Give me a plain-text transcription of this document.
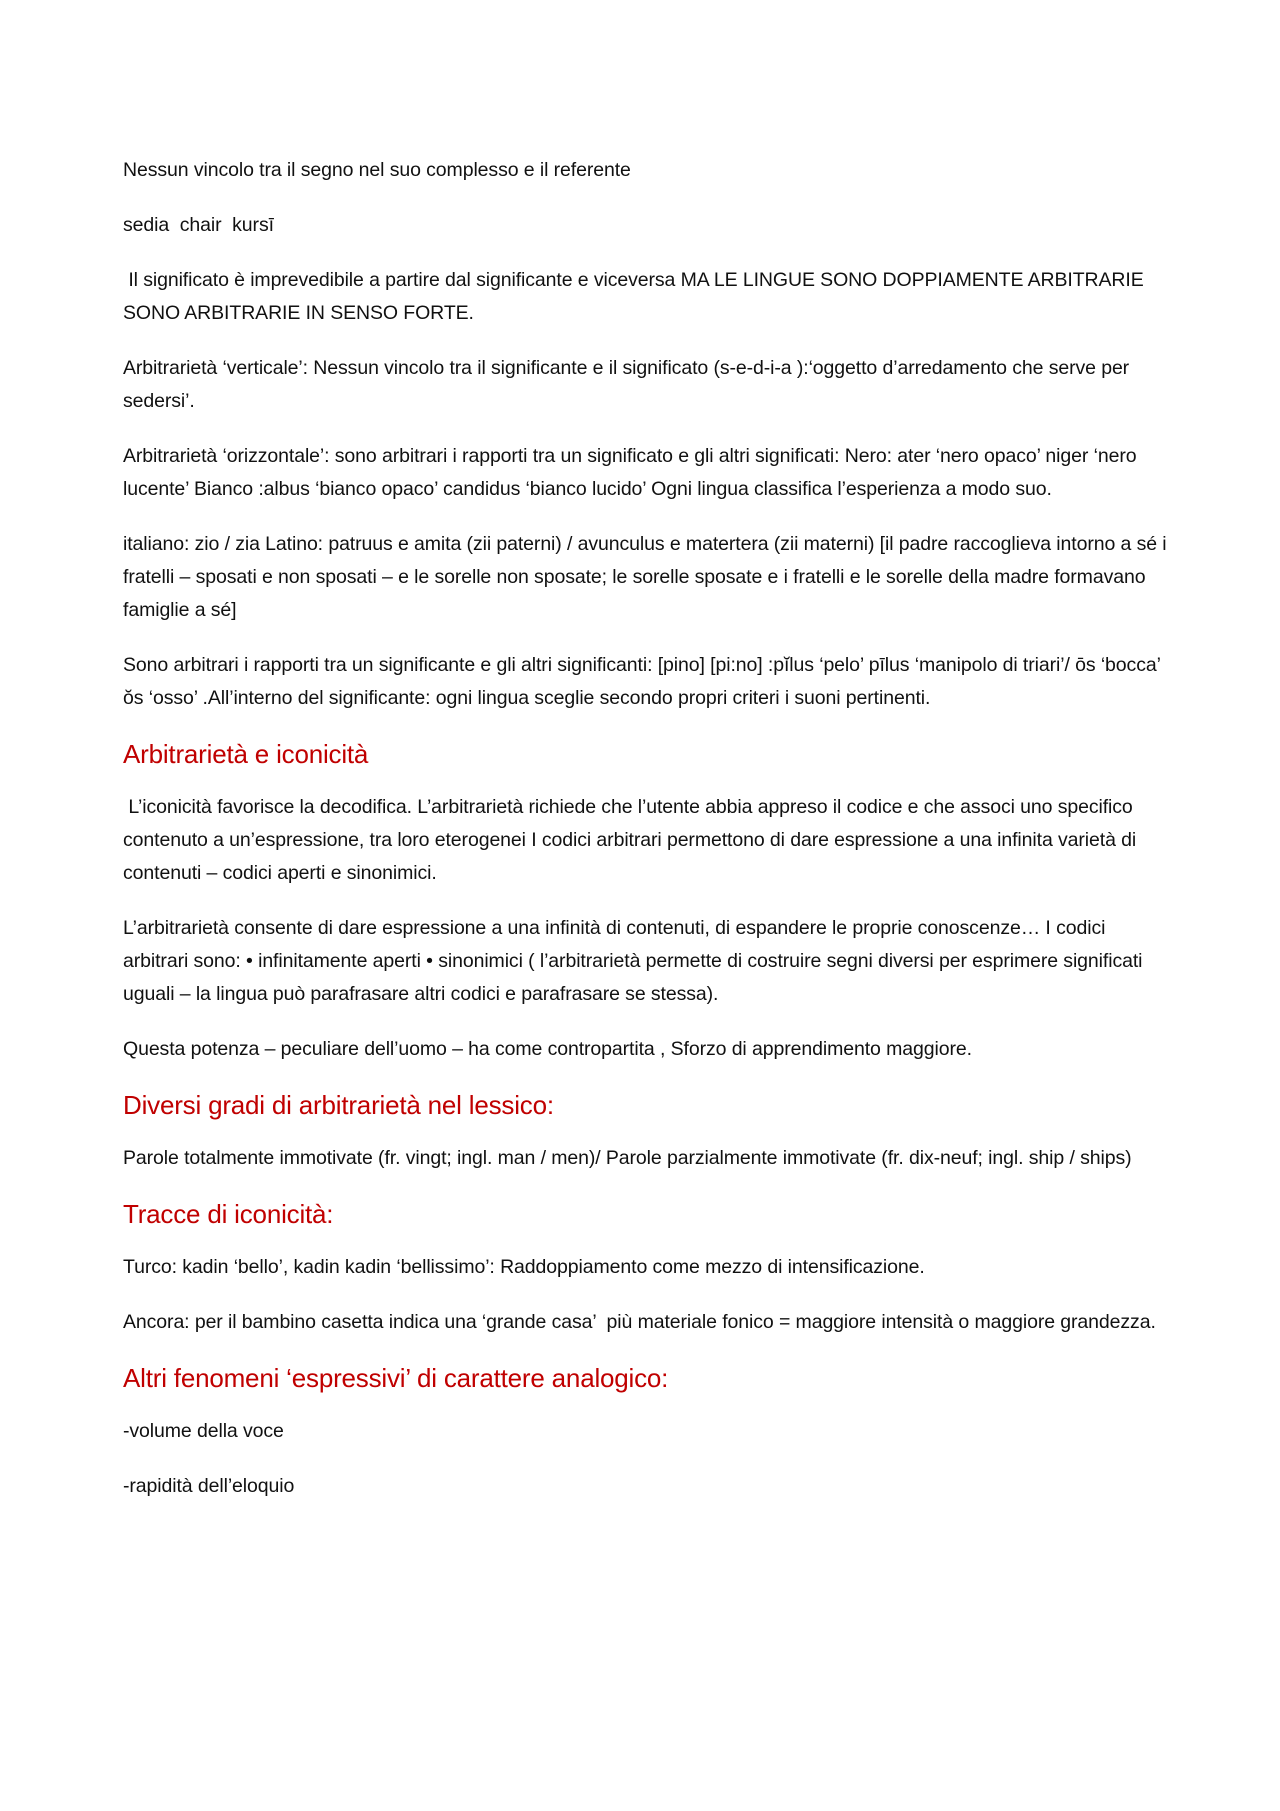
Nessun vincolo tra il segno nel suo complesso e il referente

sedia  chair  kursī

Il significato è imprevedibile a partire dal significante e viceversa MA LE LINGUE SONO DOPPIAMENTE ARBITRARIE  SONO ARBITRARIE IN SENSO FORTE.

Arbitrarietà ‘verticale’: Nessun vincolo tra il significante e il significato (s-e-d-i-a ):‘oggetto d’arredamento che serve per sedersi’.

Arbitrarietà ‘orizzontale’: sono arbitrari i rapporti tra un significato e gli altri significati: Nero: ater ‘nero opaco’ niger ‘nero lucente’ Bianco :albus ‘bianco opaco’ candidus ‘bianco lucido’ Ogni lingua classifica l’esperienza a modo suo.

italiano: zio / zia Latino: patruus e amita (zii paterni) / avunculus e matertera (zii materni) [il padre raccoglieva intorno a sé i fratelli – sposati e non sposati – e le sorelle non sposate; le sorelle sposate e i fratelli e le sorelle della madre formavano famiglie a sé]

Sono arbitrari i rapporti tra un significante e gli altri significanti: [pino] [pi:no] :pĭlus ‘pelo’ pīlus ‘manipolo di triari’/ ōs ‘bocca’ ŏs ‘osso’ .All’interno del significante: ogni lingua sceglie secondo propri criteri i suoni pertinenti.

Arbitrarietà e iconicità

L’iconicità favorisce la decodifica. L’arbitrarietà richiede che l’utente abbia appreso il codice e che associ uno specifico contenuto a un’espressione, tra loro eterogenei I codici arbitrari permettono di dare espressione a una infinita varietà di contenuti – codici aperti e sinonimici.

L’arbitrarietà consente di dare espressione a una infinità di contenuti, di espandere le proprie conoscenze… I codici arbitrari sono: • infinitamente aperti • sinonimici ( l’arbitrarietà permette di costruire segni diversi per esprimere significati uguali – la lingua può parafrasare altri codici e parafrasare se stessa).

Questa potenza – peculiare dell’uomo – ha come contropartita , Sforzo di apprendimento maggiore.

Diversi gradi di arbitrarietà nel lessico:

Parole totalmente immotivate (fr. vingt; ingl. man / men)/ Parole parzialmente immotivate (fr. dix-neuf; ingl. ship / ships)

Tracce di iconicità:

Turco: kadin ‘bello’, kadin kadin ‘bellissimo’: Raddoppiamento come mezzo di intensificazione.

Ancora: per il bambino casetta indica una ‘grande casa’  più materiale fonico = maggiore intensità o maggiore grandezza.

Altri fenomeni ‘espressivi’ di carattere analogico:

-volume della voce

-rapidità dell’eloquio
